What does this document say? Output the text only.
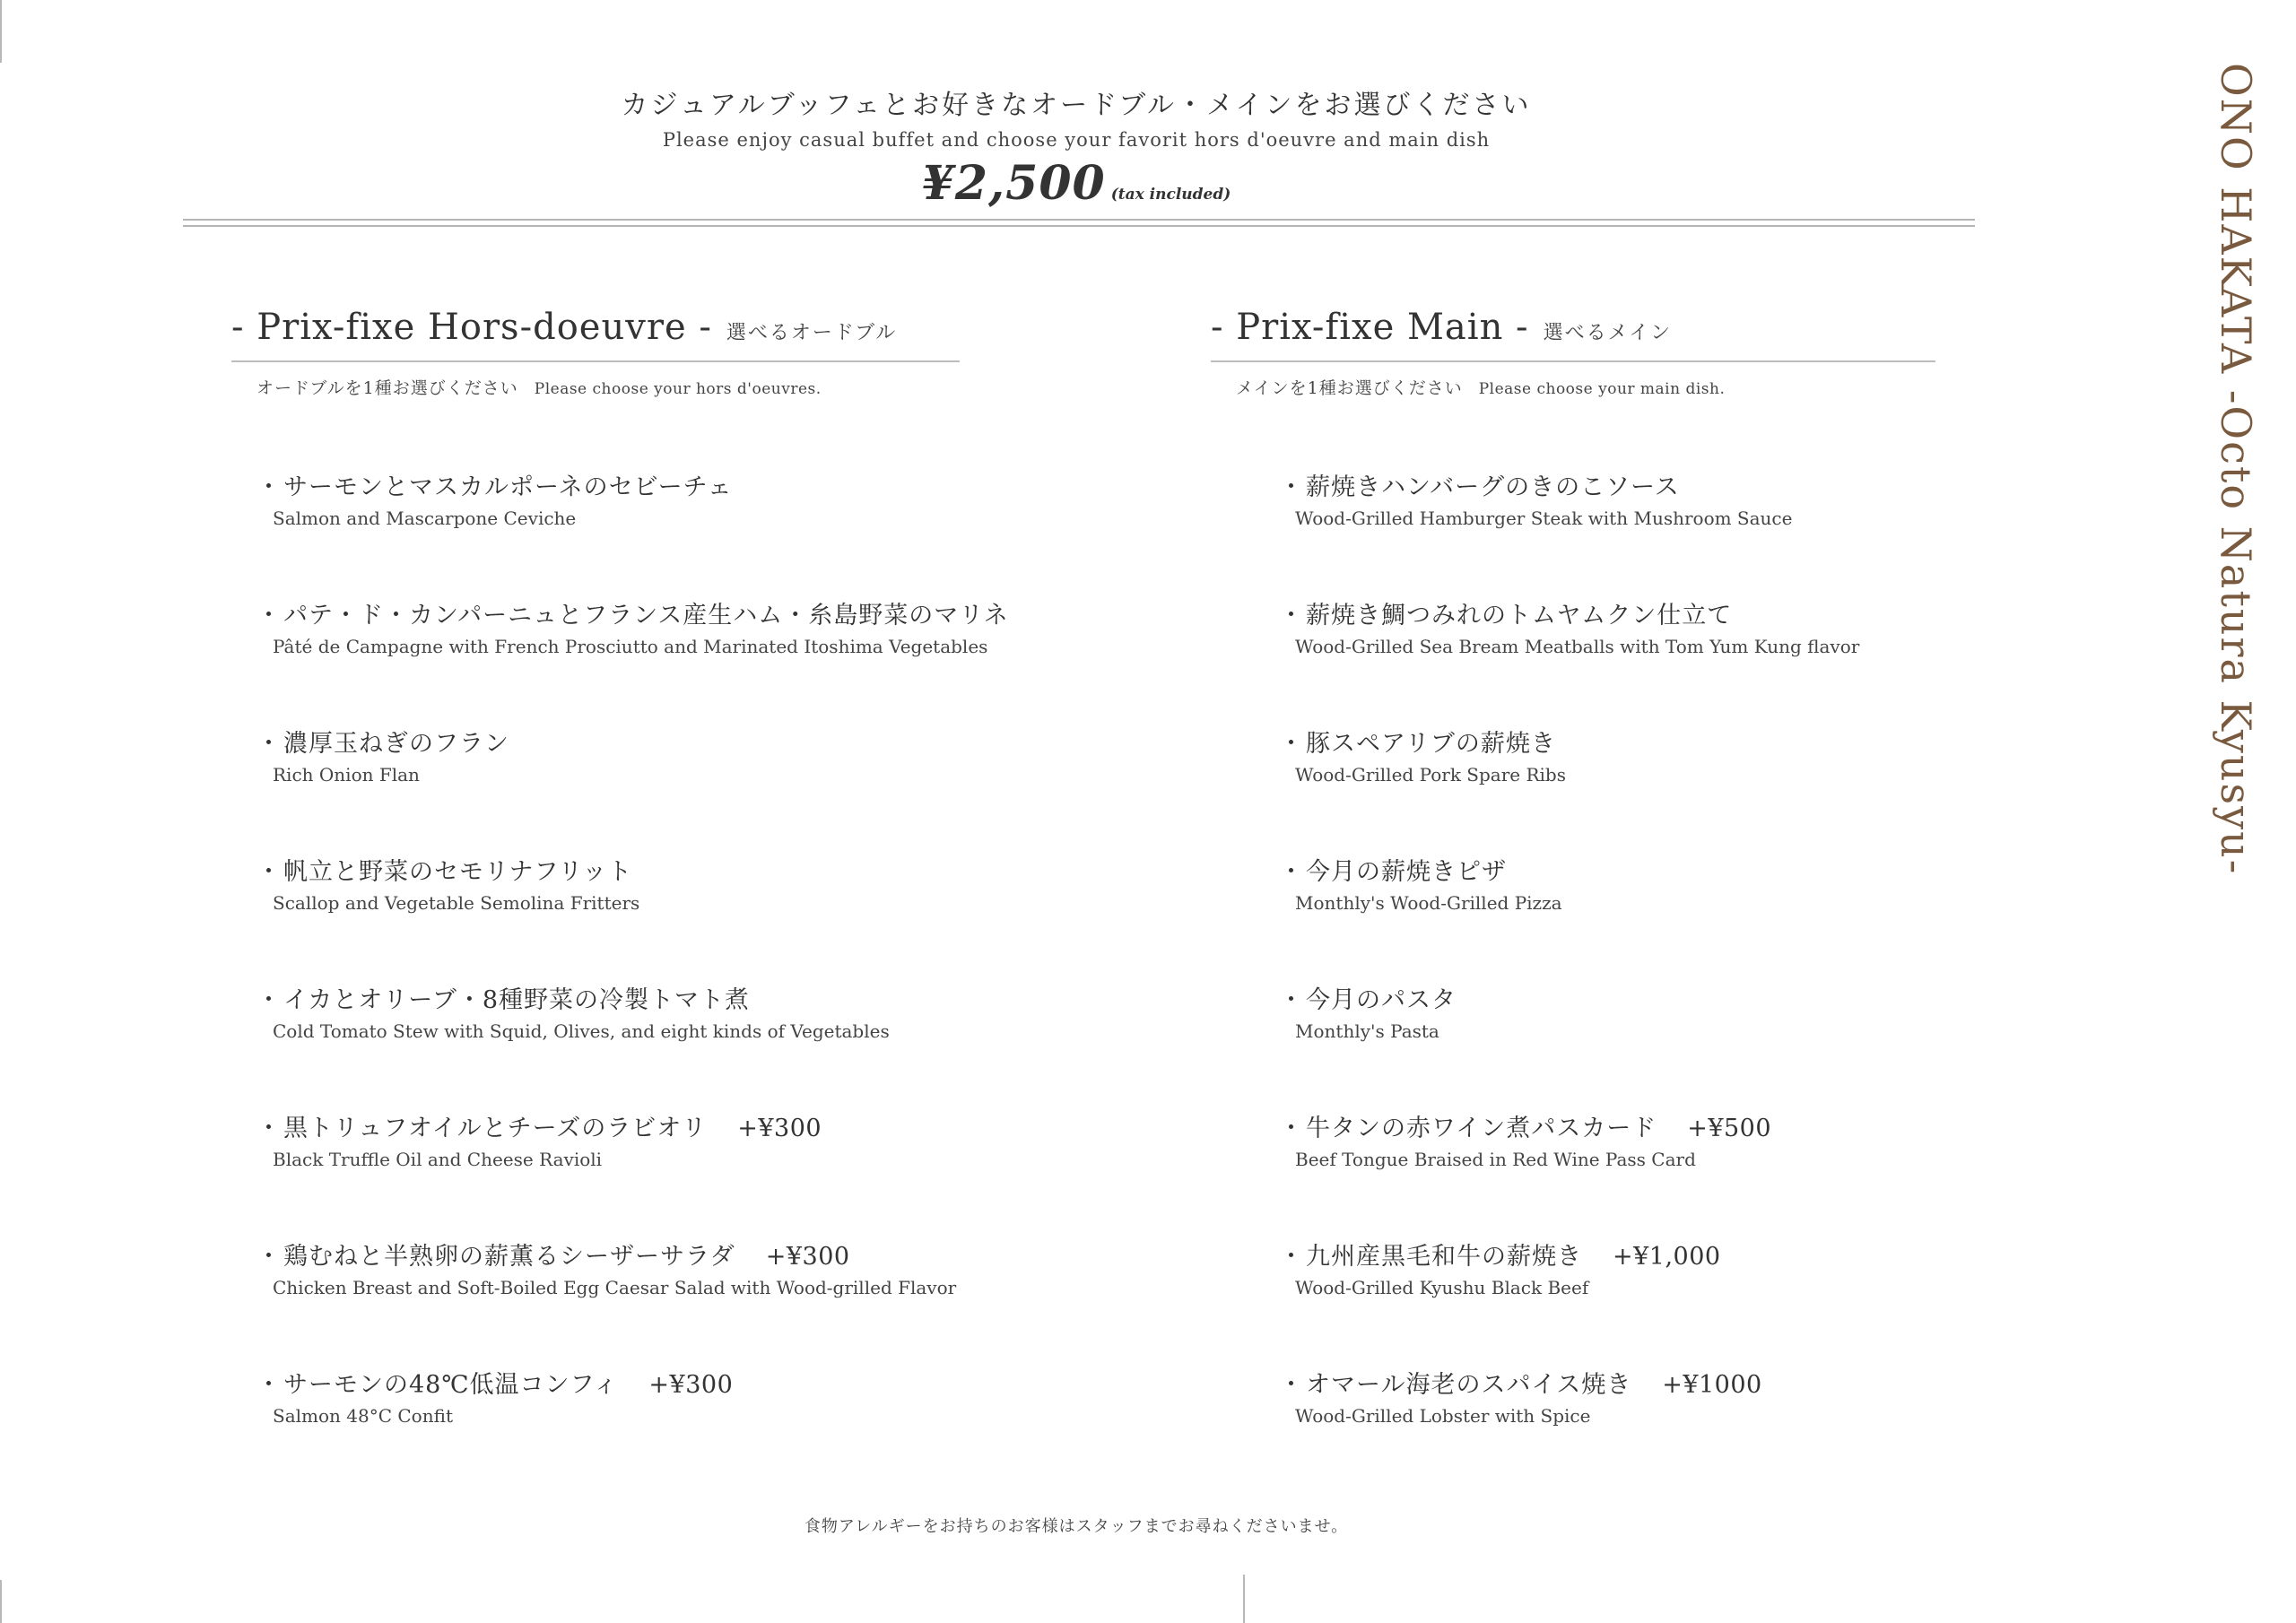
カジュアルブッフェとお好きなオードブル・メインをお選びください
Please enjoy casual buffet and choose your favorit hors d'oeuvre and main dish
¥2,500 (tax included)
- Prix-fixe Hors-doeuvre - 選べるオードブル
オードブルを1種お選びください Please choose your hors d'oeuvres.
・サーモンとマスカルポーネのセビーチェ
Salmon and Mascarpone Ceviche
・パテ・ド・カンパーニュとフランス産生ハム・糸島野菜のマリネ
Pâté de Campagne with French Prosciutto and Marinated Itoshima Vegetables
・濃厚玉ねぎのフラン
Rich Onion Flan
・帆立と野菜のセモリナフリット
Scallop and Vegetable Semolina Fritters
・イカとオリーブ・8種野菜の冷製トマト煮
Cold Tomato Stew with Squid, Olives, and eight kinds of Vegetables
・黒トリュフオイルとチーズのラビオリ +¥300
Black Truffle Oil and Cheese Ravioli
・鶏むねと半熟卵の薪薫るシーザーサラダ +¥300
Chicken Breast and Soft-Boiled Egg Caesar Salad with Wood-grilled Flavor
・サーモンの48℃低温コンフィ +¥300
Salmon 48°C Confit
- Prix-fixe Main - 選べるメイン
メインを1種お選びください Please choose your main dish.
・薪焼きハンバーグのきのこソース
Wood-Grilled Hamburger Steak with Mushroom Sauce
・薪焼き鯛つみれのトムヤムクン仕立て
Wood-Grilled Sea Bream Meatballs with Tom Yum Kung flavor
・豚スペアリブの薪焼き
Wood-Grilled Pork Spare Ribs
・今月の薪焼きピザ
Monthly's Wood-Grilled Pizza
・今月のパスタ
Monthly's Pasta
・牛タンの赤ワイン煮パスカード +¥500
Beef Tongue Braised in Red Wine Pass Card
・九州産黒毛和牛の薪焼き +¥1,000
Wood-Grilled Kyushu Black Beef
・オマール海老のスパイス焼き +¥1000
Wood-Grilled Lobster with Spice
食物アレルギーをお持ちのお客様はスタッフまでお尋ねくださいませ。
ONO HAKATA -Octo Natura Kyusyu-
